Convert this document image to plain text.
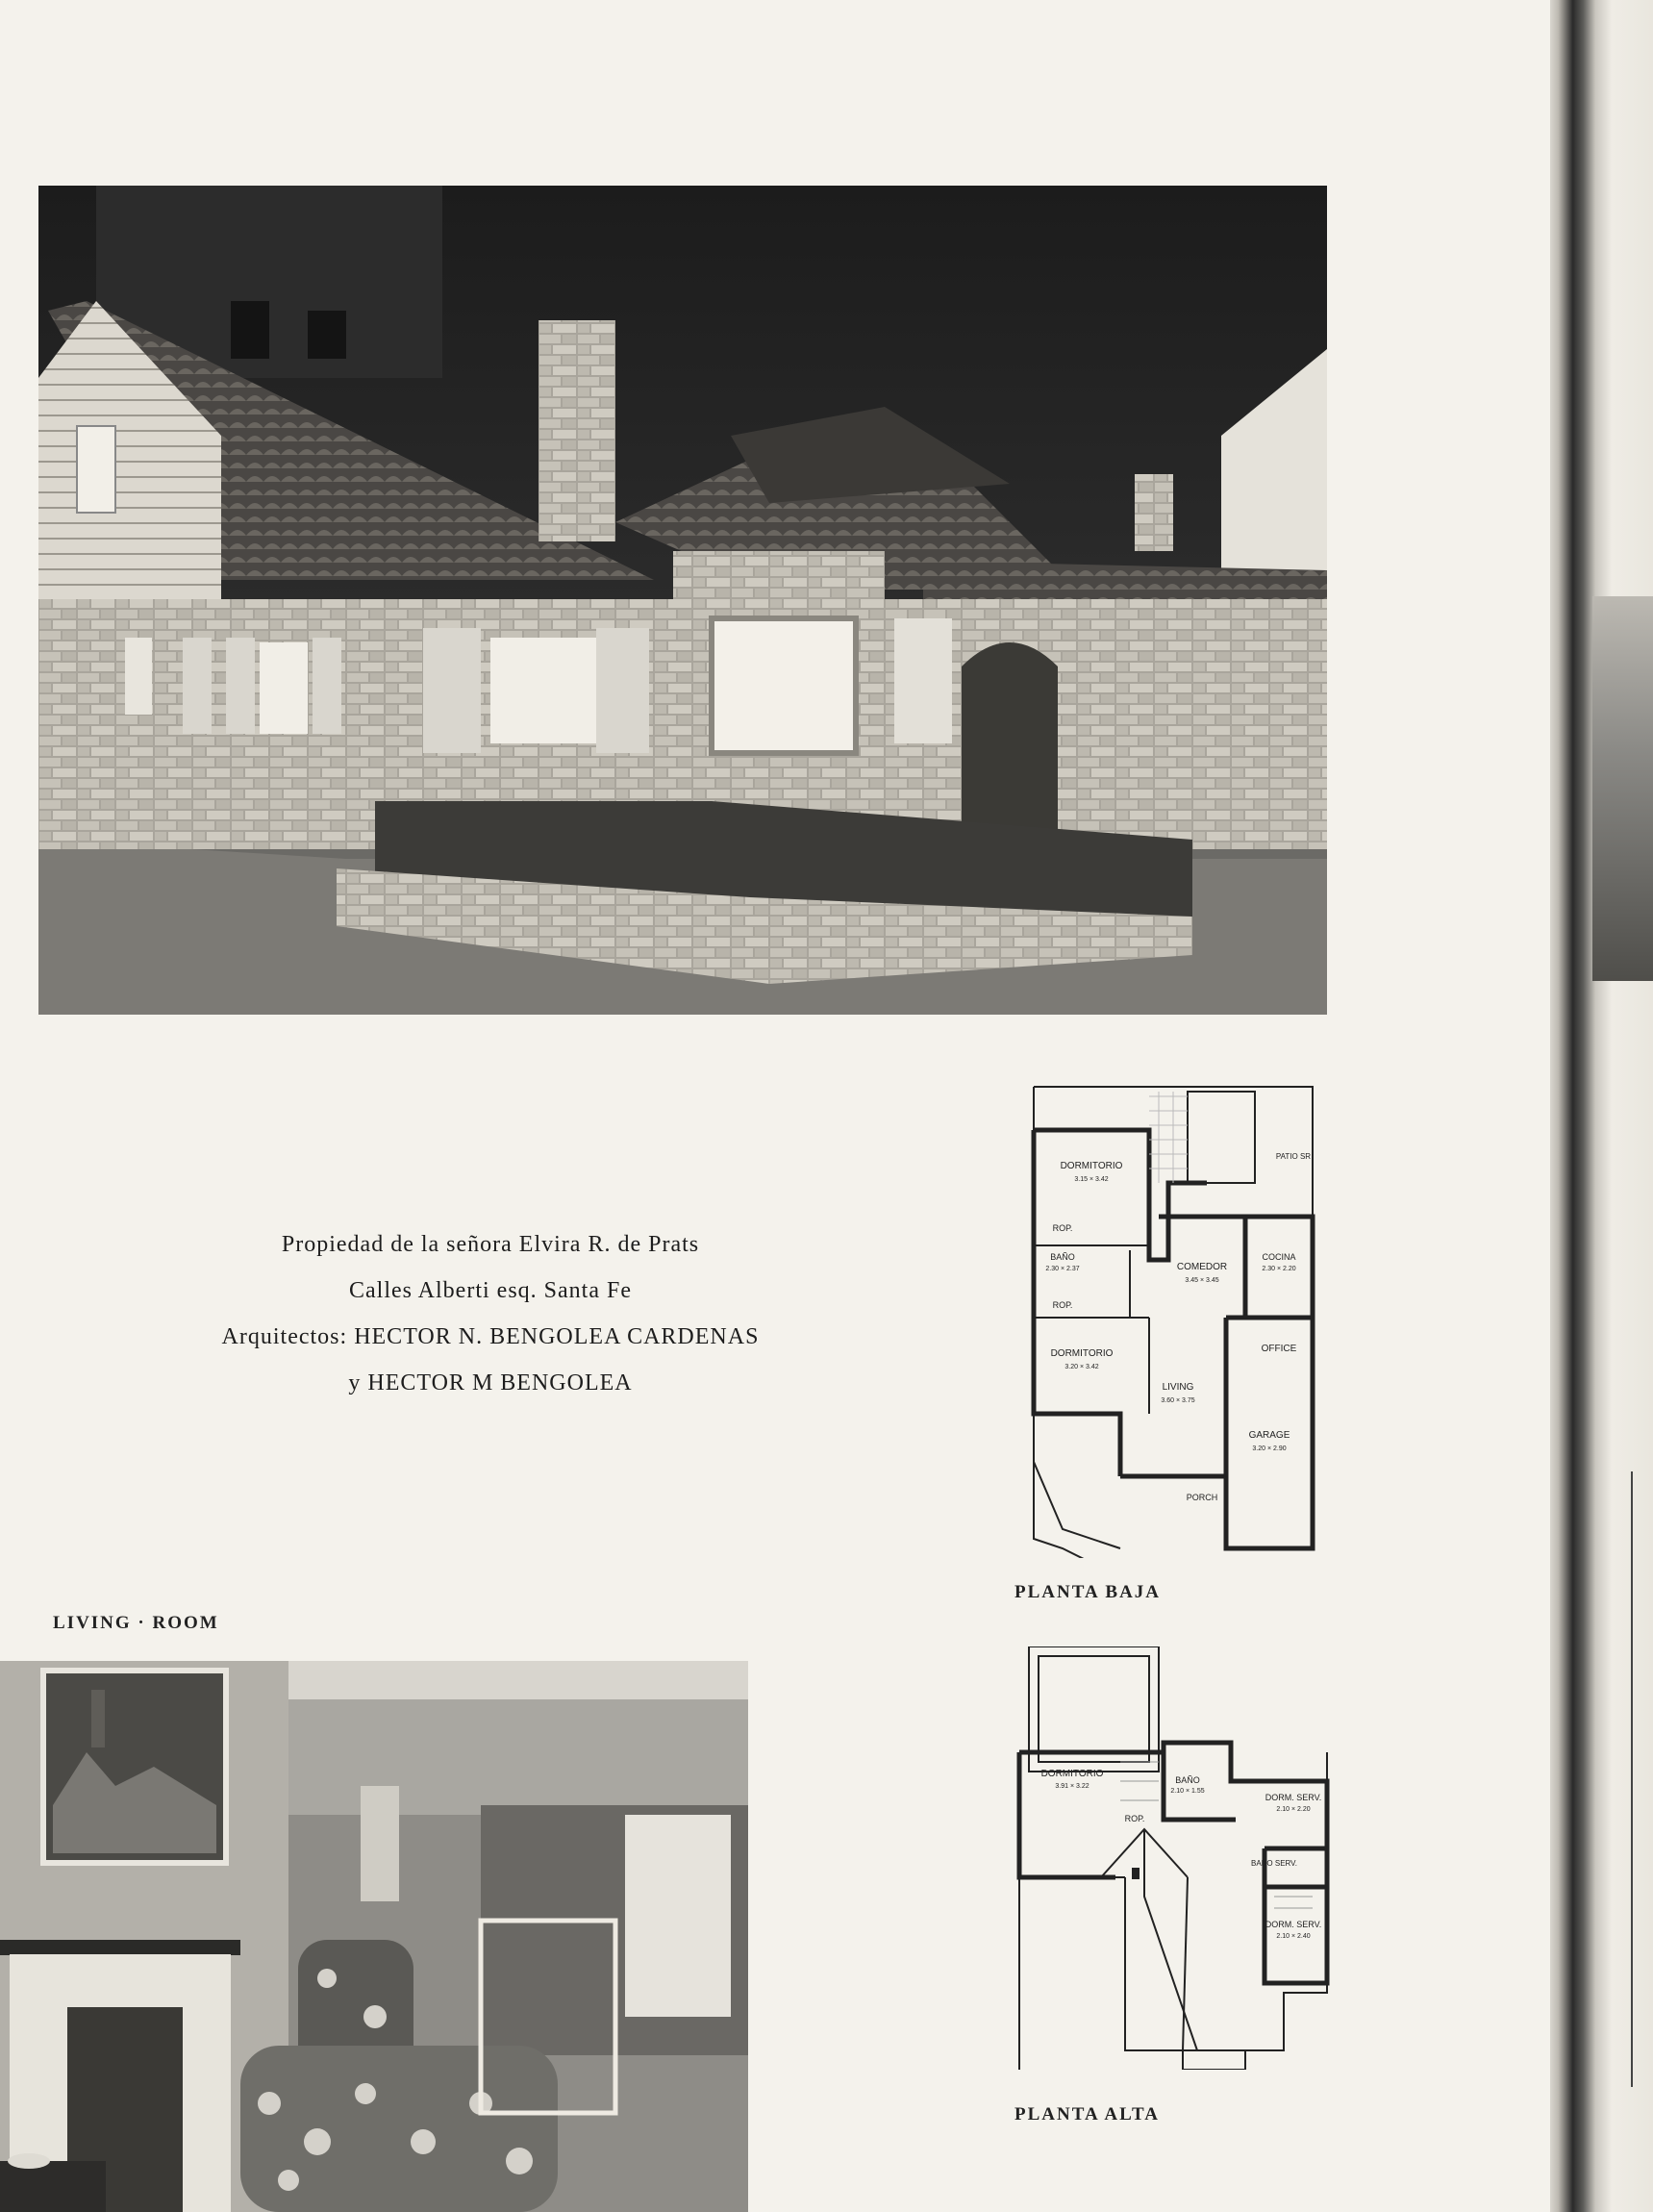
Propiedad de la señora Elvira R. de Prats
Calles Alberti esq. Santa Fe
Arquitectos: HECTOR N. BENGOLEA CARDENAS
y HECTOR M BENGOLEA
DORMITORIO
3.15 × 3.42
ROP.
BAÑO
2.30 × 2.37
ROP.
DORMITORIO
3.20 × 3.42
COMEDOR
3.45 × 3.45
COCINA
2.30 × 2.20
OFFICE
LIVING
3.60 × 3.75
GARAGE
3.20 × 2.90
PORCH
PATIO SR
PLANTA BAJA
LIVING · ROOM
DORMITORIO
3.91 × 3.22
BAÑO
2.10 × 1.55
ROP.
DORM. SERV.
2.10 × 2.20
BAÑO SERV.
DORM. SERV.
2.10 × 2.40
PLANTA ALTA
